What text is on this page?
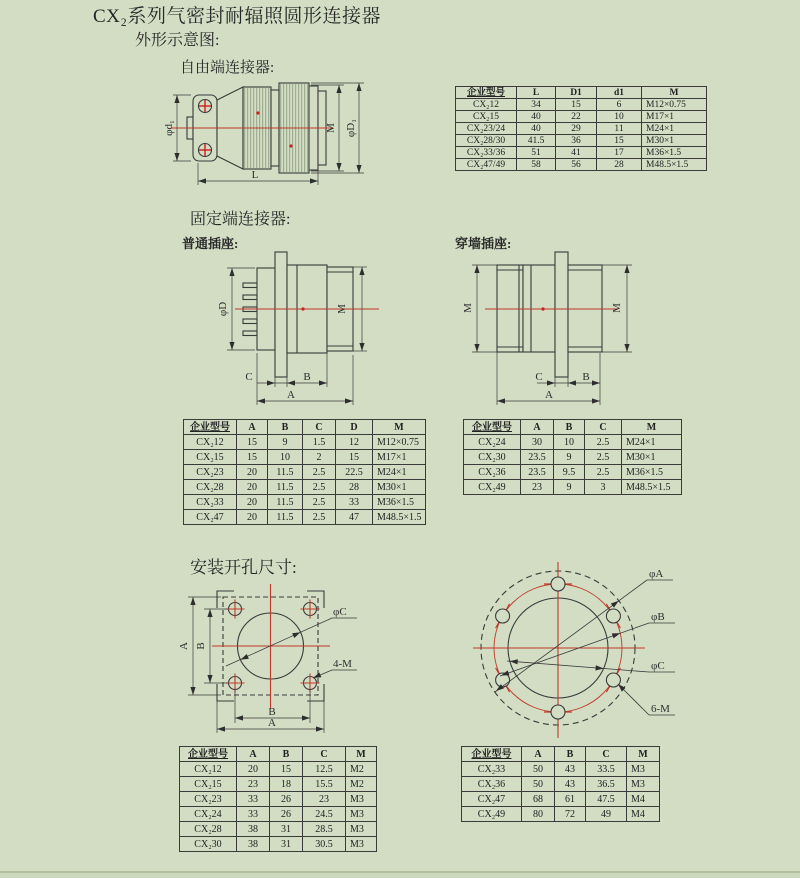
CX₂系列气密封耐辐照圆形连接器
外形示意图:
自由端连接器:
固定端连接器:
普通插座:	穿墙插座:
安装开孔尺寸:
φd₁	M φD₁
L
φD	M
C	B
A
M	M
C	B
A
A B
φC
4-M
B
A
φA
φB
φC
6-M
企业型号	L	D1	d1	M
CX₂12	34	15	6	M12×0.75
CX₂15	40	22	10	M17×1
CX₂23/24	40	29	11	M24×1
CX₂28/30	41.5	36	15	M30×1
CX₂33/36	51	41	17	M36×1.5
CX₂47/49	58	56	28	M48.5×1.5
企业型号	A	B	C	D	M
CX₂12	15	9	1.5	12	M12×0.75
CX₂15	15	10	2	15	M17×1
CX₂23	20	11.5	2.5	22.5	M24×1
CX₂28	20	11.5	2.5	28	M30×1
CX₂33	20	11.5	2.5	33	M36×1.5
CX₂47	20	11.5	2.5	47	M48.5×1.5
企业型号	A	B	C	M
CX₂24	30	10	2.5	M24×1
CX₂30	23.5	9	2.5	M30×1
CX₂36	23.5	9.5	2.5	M36×1.5
CX₂49	23	9	3	M48.5×1.5
企业型号	A	B	C	M
CX₂12	20	15	12.5	M2
CX₂15	23	18	15.5	M2
CX₂23	33	26	23	M3
CX₂24	33	26	24.5	M3
CX₂28	38	31	28.5	M3
CX₂30	38	31	30.5	M3
企业型号	A	B	C	M
CX₂33	50	43	33.5	M3
CX₂36	50	43	36.5	M3
CX₂47	68	61	47.5	M4
CX₂49	80	72	49	M4
